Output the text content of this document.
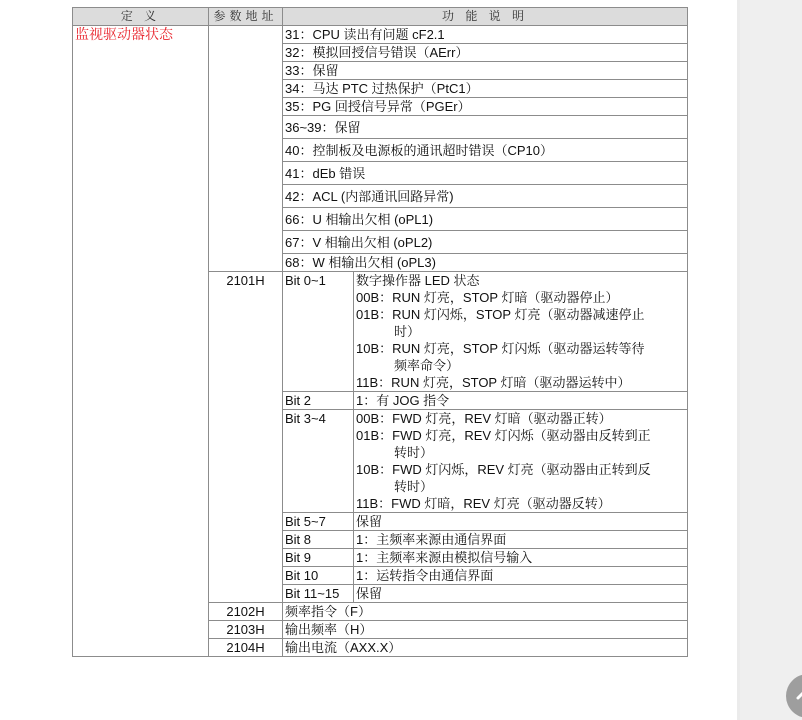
定 义	参数地址	功 能 说 明	
监视驱动器状态		31：CPU 读出有问题 cF2.1	
		32：模拟回授信号错误（AErr）	
		33：保留	
		34：马达 PTC 过热保护（PtC1）	
		35：PG 回授信号异常（PGEr）	
		36~39：保留	
		40：控制板及电源板的通讯超时错误（CP10）	
		41：dEb 错误	
		42：ACL (内部通讯回路异常)	
		66：U 相输出欠相 (oPL1)	
		67：V 相输出欠相 (oPL2)	
		68：W 相输出欠相 (oPL3)	
2101H	Bit 0~1	数字操作器 LED 状态
00B：RUN 灯亮，STOP 灯暗（驱动器停止）
01B：RUN 灯闪烁，STOP 灯亮（驱动器减速停止
时）
10B：RUN 灯亮，STOP 灯闪烁（驱动器运转等待
频率命令）
11B：RUN 灯亮，STOP 灯暗（驱动器运转中）

		Bit 2	1：有 JOG 指令
Bit 3~4	00B：FWD 灯亮，REV 灯暗（驱动器正转）
01B：FWD 灯亮，REV 灯闪烁（驱动器由反转到正
转时）
10B：FWD 灯闪烁，REV 灯亮（驱动器由正转到反
转时）
11B：FWD 灯暗，REV 灯亮（驱动器反转）

		Bit 5~7	保留
		Bit 8	1：主频率来源由通信界面
		Bit 9	1：主频率来源由模拟信号输入
		Bit 10	1：运转指令由通信界面
		Bit 11~15	保留
	2102H	频率指令（F）	
	2103H	输出频率（H）	
	2104H	输出电流（AXX.X）	
